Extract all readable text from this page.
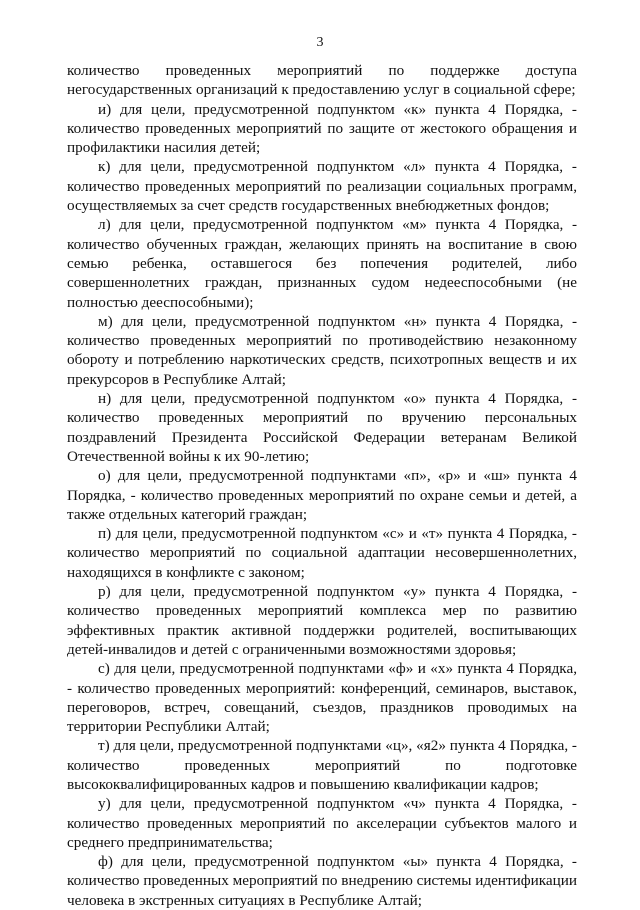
3

количество проведенных мероприятий по поддержке доступа негосударственных организаций к предоставлению услуг в социальной сфере;

и) для цели, предусмотренной подпунктом «к» пункта 4 Порядка, - количество проведенных мероприятий по защите от жестокого обращения и профилактики насилия детей;

к) для цели, предусмотренной подпунктом «л» пункта 4 Порядка, - количество проведенных мероприятий по реализации социальных программ, осуществляемых за счет средств государственных внебюджетных фондов;

л) для цели, предусмотренной подпунктом «м» пункта 4 Порядка, - количество обученных граждан, желающих принять на воспитание в свою семью ребенка, оставшегося без попечения родителей, либо совершеннолетних граждан, признанных судом недееспособными (не полностью дееспособными);

м) для цели, предусмотренной подпунктом «н» пункта 4 Порядка, - количество проведенных мероприятий по противодействию незаконному обороту и потреблению наркотических средств, психотропных веществ и их прекурсоров в Республике Алтай;

н) для цели, предусмотренной подпунктом «о» пункта 4 Порядка, - количество проведенных мероприятий по вручению персональных поздравлений Президента Российской Федерации ветеранам Великой Отечественной войны к их 90-летию;

о) для цели, предусмотренной подпунктами «п», «р» и «ш» пункта 4 Порядка, - количество проведенных мероприятий по охране семьи и детей, а также отдельных категорий граждан;

п) для цели, предусмотренной подпунктом «с» и «т» пункта 4 Порядка, - количество мероприятий по социальной адаптации несовершеннолетних, находящихся в конфликте с законом;

р) для цели, предусмотренной подпунктом «у» пункта 4 Порядка, - количество проведенных мероприятий комплекса мер по развитию эффективных практик активной поддержки родителей, воспитывающих детей-инвалидов и детей с ограниченными возможностями здоровья;

с) для цели, предусмотренной подпунктами «ф» и «х» пункта 4 Порядка, - количество проведенных мероприятий: конференций, семинаров, выставок, переговоров, встреч, совещаний, съездов, праздников проводимых на территории Республики Алтай;

т) для цели, предусмотренной подпунктами «ц», «я2» пункта 4 Порядка, - количество проведенных мероприятий по подготовке высококвалифицированных кадров и повышению квалификации кадров;

у) для цели, предусмотренной подпунктом «ч» пункта 4 Порядка, - количество проведенных мероприятий по акселерации субъектов малого и среднего предпринимательства;

ф) для цели, предусмотренной подпунктом «ы» пункта 4 Порядка, - количество проведенных мероприятий по внедрению системы идентификации человека в экстренных ситуациях в Республике Алтай;
